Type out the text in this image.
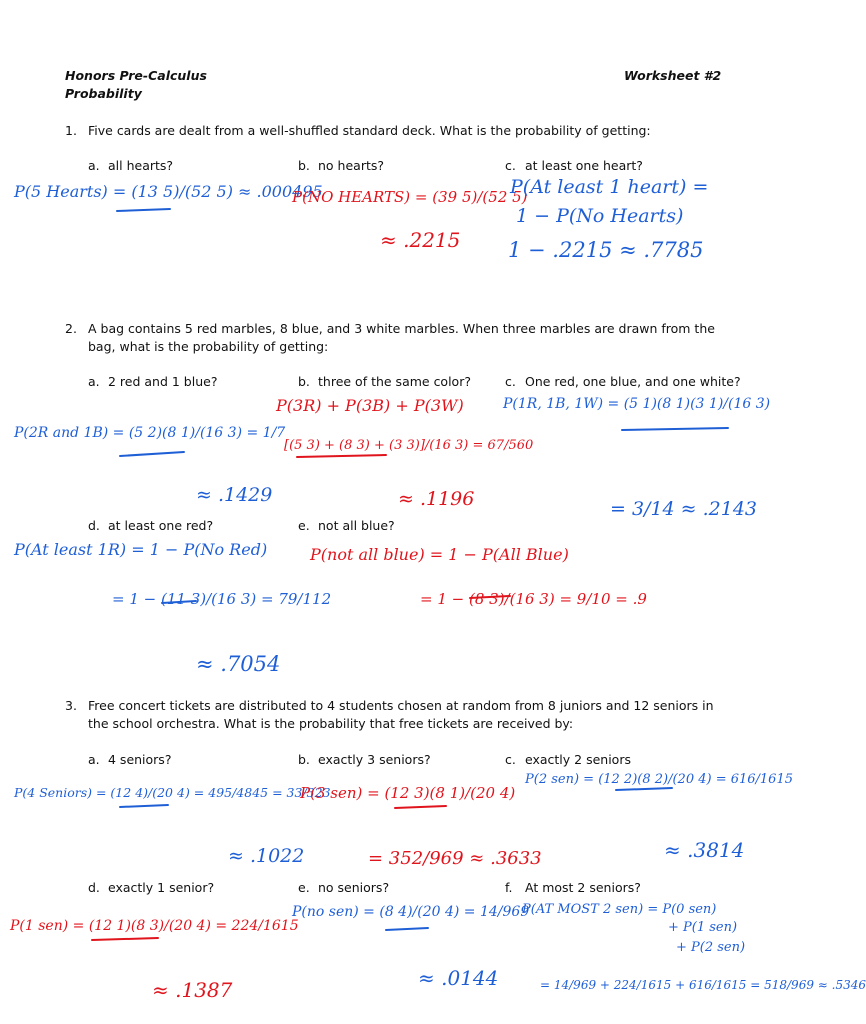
Honors Pre-Calculus
Probability
Worksheet #2
1. Five cards are dealt from a well-shuffled standard deck. What is the probability of getting:
a. all hearts?	b. no hearts?	c. at least one heart?
P(5 Hearts) = (13 5)/(52 5) ≈ .000495
P(NO HEARTS) = (39 5)/(52 5)
≈ .2215
P(At least 1 heart) =
1 − P(No Hearts)
1 − .2215 ≈ .7785
2. A bag contains 5 red marbles, 8 blue, and 3 white marbles. When three marbles are drawn from the bag, what is the probability of getting:
a. 2 red and 1 blue?	b. three of the same color?	c. One red, one blue, and one white?
P(2R and 1B) = (5 2)(8 1)/(16 3) = 1/7
≈ .1429
P(3R) + P(3B) + P(3W)
[(5 3) + (8 3) + (3 3)]/(16 3) = 67/560
≈ .1196
P(1R, 1B, 1W) = (5 1)(8 1)(3 1)/(16 3)
= 3/14 ≈ .2143
d. at least one red?	e. not all blue?
P(At least 1R) = 1 − P(No Red)
= 1 − (11 3)/(16 3) = 79/112
≈ .7054
P(not all blue) = 1 − P(All Blue)
= 1 − (8 3)/(16 3) = 9/10 = .9
3. Free concert tickets are distributed to 4 students chosen at random from 8 juniors and 12 seniors in the school orchestra. What is the probability that free tickets are received by:
a. 4 seniors?	b. exactly 3 seniors?	c. exactly 2 seniors
P(4 Seniors) = (12 4)/(20 4) = 495/4845 = 33/323
≈ .1022
P(3 sen) = (12 3)(8 1)/(20 4)
= 352/969 ≈ .3633
P(2 sen) = (12 2)(8 2)/(20 4) = 616/1615
≈ .3814
d. exactly 1 senior?	e. no seniors?	f. At most 2 seniors?
P(1 sen) = (12 1)(8 3)/(20 4) = 224/1615
≈ .1387
P(no sen) = (8 4)/(20 4) = 14/969
≈ .0144
P(AT MOST 2 sen) = P(0 sen)
+ P(1 sen)
+ P(2 sen)
= 14/969 + 224/1615 + 616/1615 = 518/969 ≈ .5346
